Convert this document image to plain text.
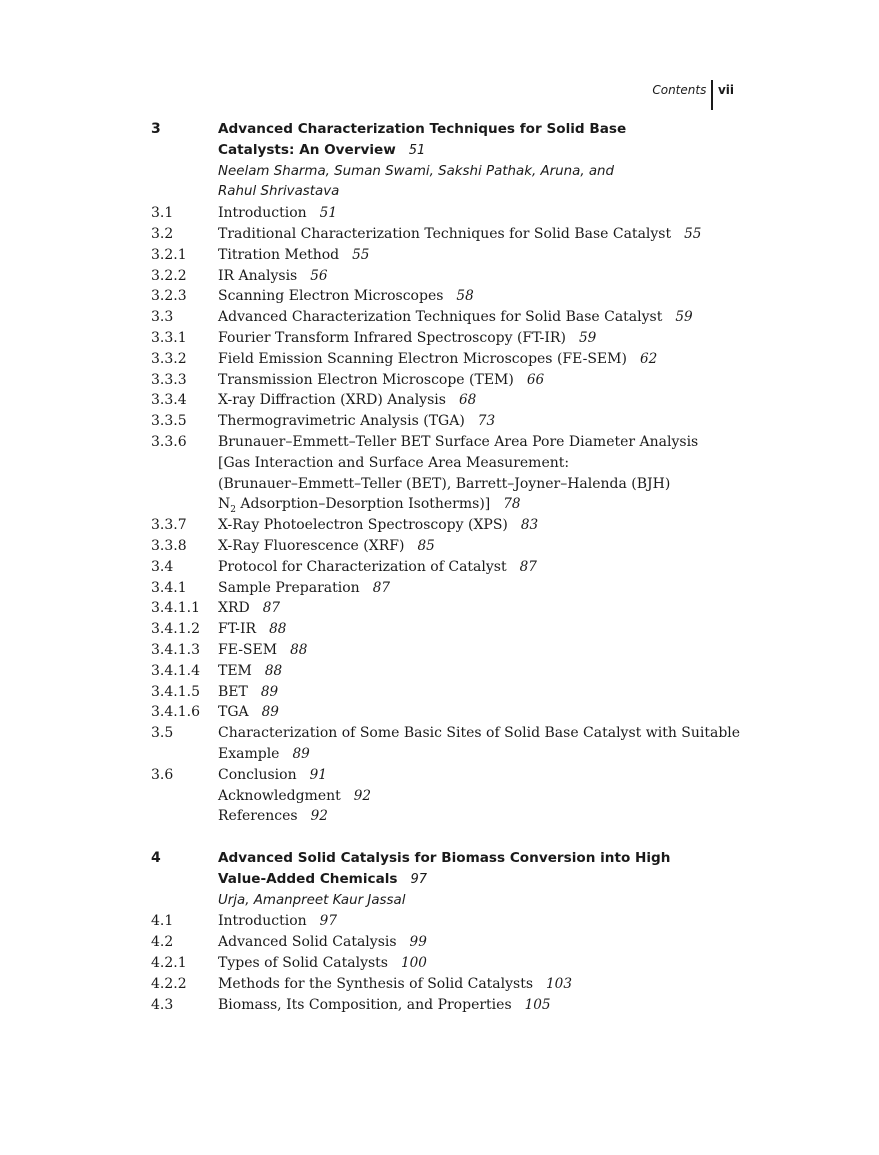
Contents vii
3	Advanced Characterization Techniques for Solid Base
Catalysts: An Overview 51
Neelam Sharma, Suman Swami, Sakshi Pathak, Aruna, and
Rahul Shrivastava
3.1	Introduction 51
3.2	Traditional Characterization Techniques for Solid Base Catalyst 55
3.2.1	Titration Method 55
3.2.2	IR Analysis 56
3.2.3	Scanning Electron Microscopes 58
3.3	Advanced Characterization Techniques for Solid Base Catalyst 59
3.3.1	Fourier Transform Infrared Spectroscopy (FT-IR) 59
3.3.2	Field Emission Scanning Electron Microscopes (FE-SEM) 62
3.3.3	Transmission Electron Microscope (TEM) 66
3.3.4	X-ray Diffraction (XRD) Analysis 68
3.3.5	Thermogravimetric Analysis (TGA) 73
3.3.6	Brunauer–Emmett–Teller BET Surface Area Pore Diameter Analysis
[Gas Interaction and Surface Area Measurement:
(Brunauer–Emmett–Teller (BET), Barrett–Joyner–Halenda (BJH)
$N_2$ Adsorption–Desorption Isotherms)] 78
3.3.7	X-Ray Photoelectron Spectroscopy (XPS) 83
3.3.8	X-Ray Fluorescence (XRF) 85
3.4	Protocol for Characterization of Catalyst 87
3.4.1	Sample Preparation 87
3.4.1.1	XRD 87
3.4.1.2	FT-IR 88
3.4.1.3	FE-SEM 88
3.4.1.4	TEM 88
3.4.1.5	BET 89
3.4.1.6	TGA 89
3.5	Characterization of Some Basic Sites of Solid Base Catalyst with Suitable
Example 89
3.6	Conclusion 91
Acknowledgment 92
References 92
4	Advanced Solid Catalysis for Biomass Conversion into High
Value-Added Chemicals 97
Urja, Amanpreet Kaur Jassal
4.1	Introduction 97
4.2	Advanced Solid Catalysis 99
4.2.1	Types of Solid Catalysts 100
4.2.2	Methods for the Synthesis of Solid Catalysts 103
4.3	Biomass, Its Composition, and Properties 105
